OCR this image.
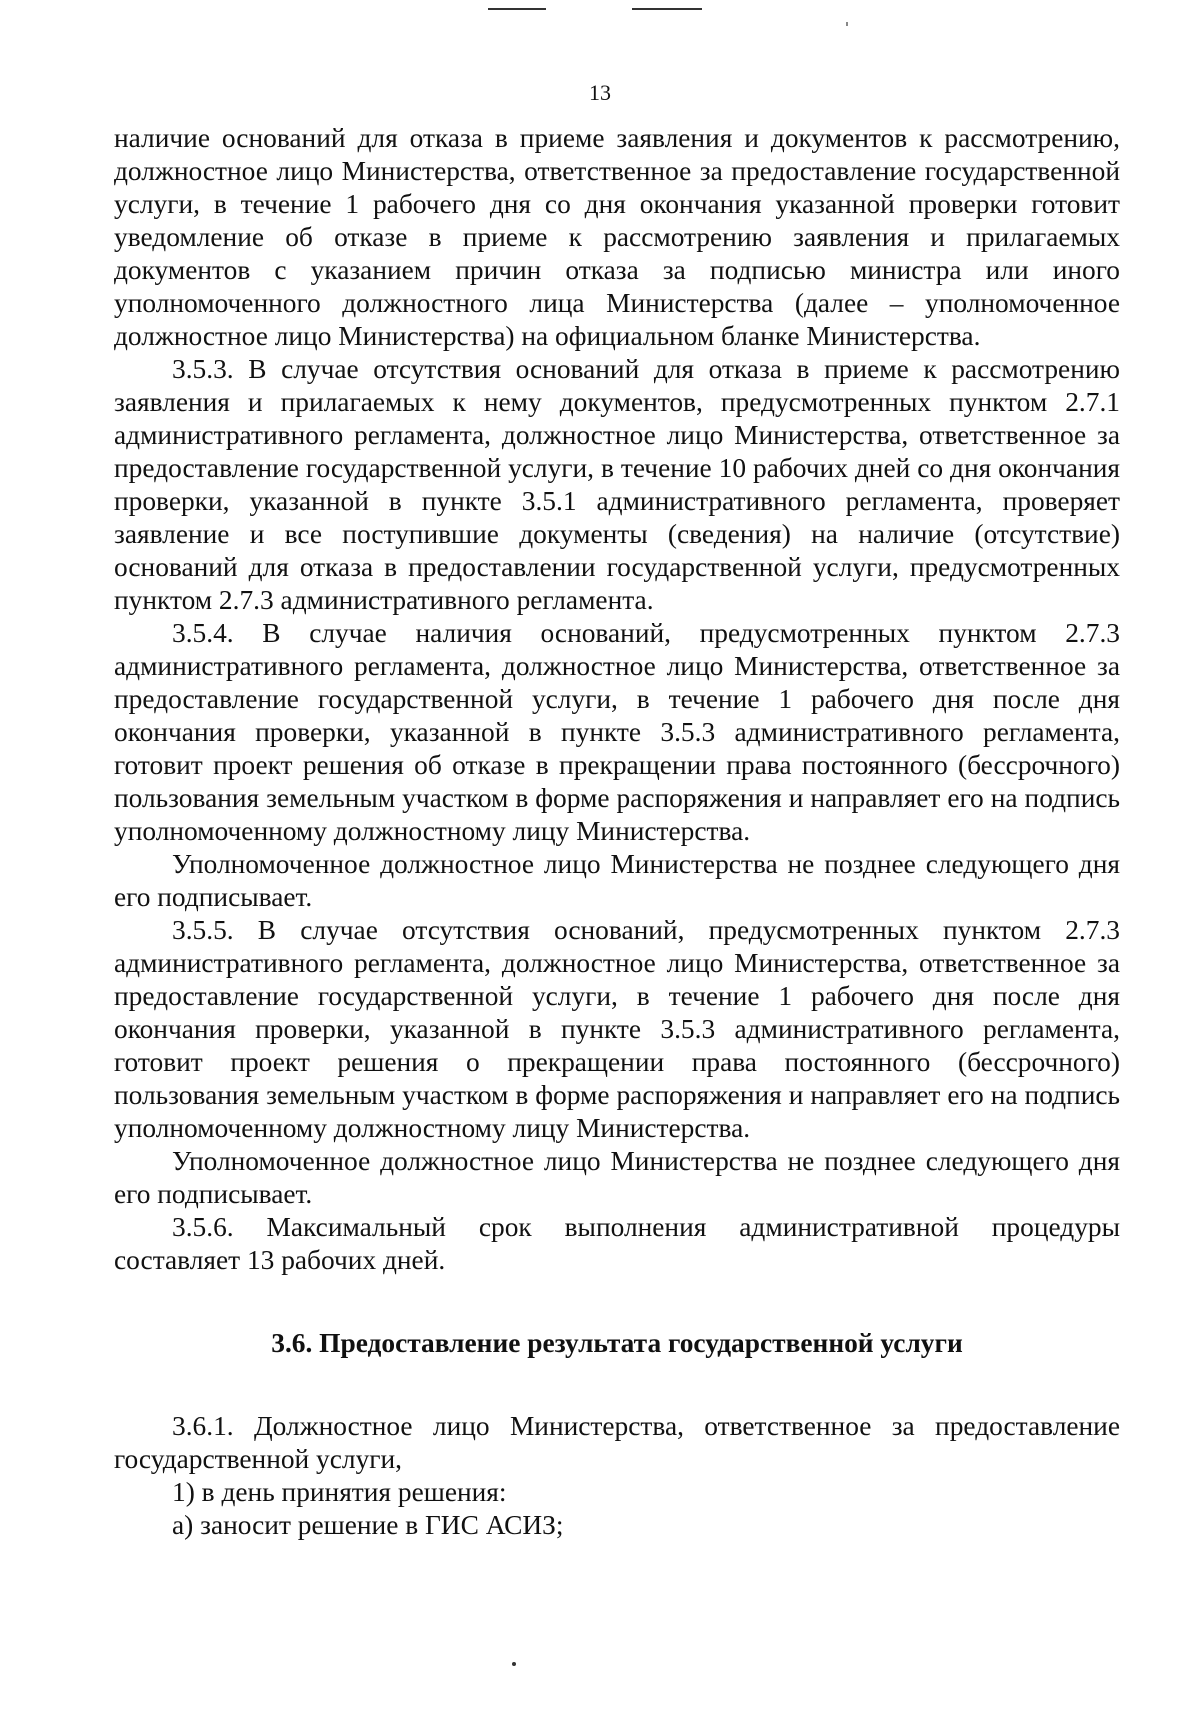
13

наличие оснований для отказа в приеме заявления и документов к рассмотрению, должностное лицо Министерства, ответственное за предоставление государственной услуги, в течение 1 рабочего дня со дня окончания указанной проверки готовит уведомление об отказе в приеме к рассмотрению заявления и прилагаемых документов с указанием причин отказа за подписью министра или иного уполномоченного должностного лица Министерства (далее – уполномоченное должностное лицо Министерства) на официальном бланке Министерства.

3.5.3. В случае отсутствия оснований для отказа в приеме к рассмотрению заявления и прилагаемых к нему документов, предусмотренных пунктом 2.7.1 административного регламента, должностное лицо Министерства, ответственное за предоставление государственной услуги, в течение 10 рабочих дней со дня окончания проверки, указанной в пункте 3.5.1 административного регламента, проверяет заявление и все поступившие документы (сведения) на наличие (отсутствие) оснований для отказа в предоставлении государственной услуги, предусмотренных пунктом 2.7.3 административного регламента.

3.5.4. В случае наличия оснований, предусмотренных пунктом 2.7.3 административного регламента, должностное лицо Министерства, ответственное за предоставление государственной услуги, в течение 1 рабочего дня после дня окончания проверки, указанной в пункте 3.5.3 административного регламента, готовит проект решения об отказе в прекращении права постоянного (бессрочного) пользования земельным участком в форме распоряжения и направляет его на подпись уполномоченному должностному лицу Министерства.

Уполномоченное должностное лицо Министерства не позднее следующего дня его подписывает.

3.5.5. В случае отсутствия оснований, предусмотренных пунктом 2.7.3 административного регламента, должностное лицо Министерства, ответственное за предоставление государственной услуги, в течение 1 рабочего дня после дня окончания проверки, указанной в пункте 3.5.3 административного регламента, готовит проект решения о прекращении права постоянного (бессрочного) пользования земельным участком в форме распоряжения и направляет его на подпись уполномоченному должностному лицу Министерства.

Уполномоченное должностное лицо Министерства не позднее следующего дня его подписывает.

3.5.6. Максимальный срок выполнения административной процедуры составляет 13 рабочих дней.

3.6. Предоставление результата государственной услуги

3.6.1. Должностное лицо Министерства, ответственное за предоставление государственной услуги,

1) в день принятия решения:

а) заносит решение в ГИС АСИЗ;
